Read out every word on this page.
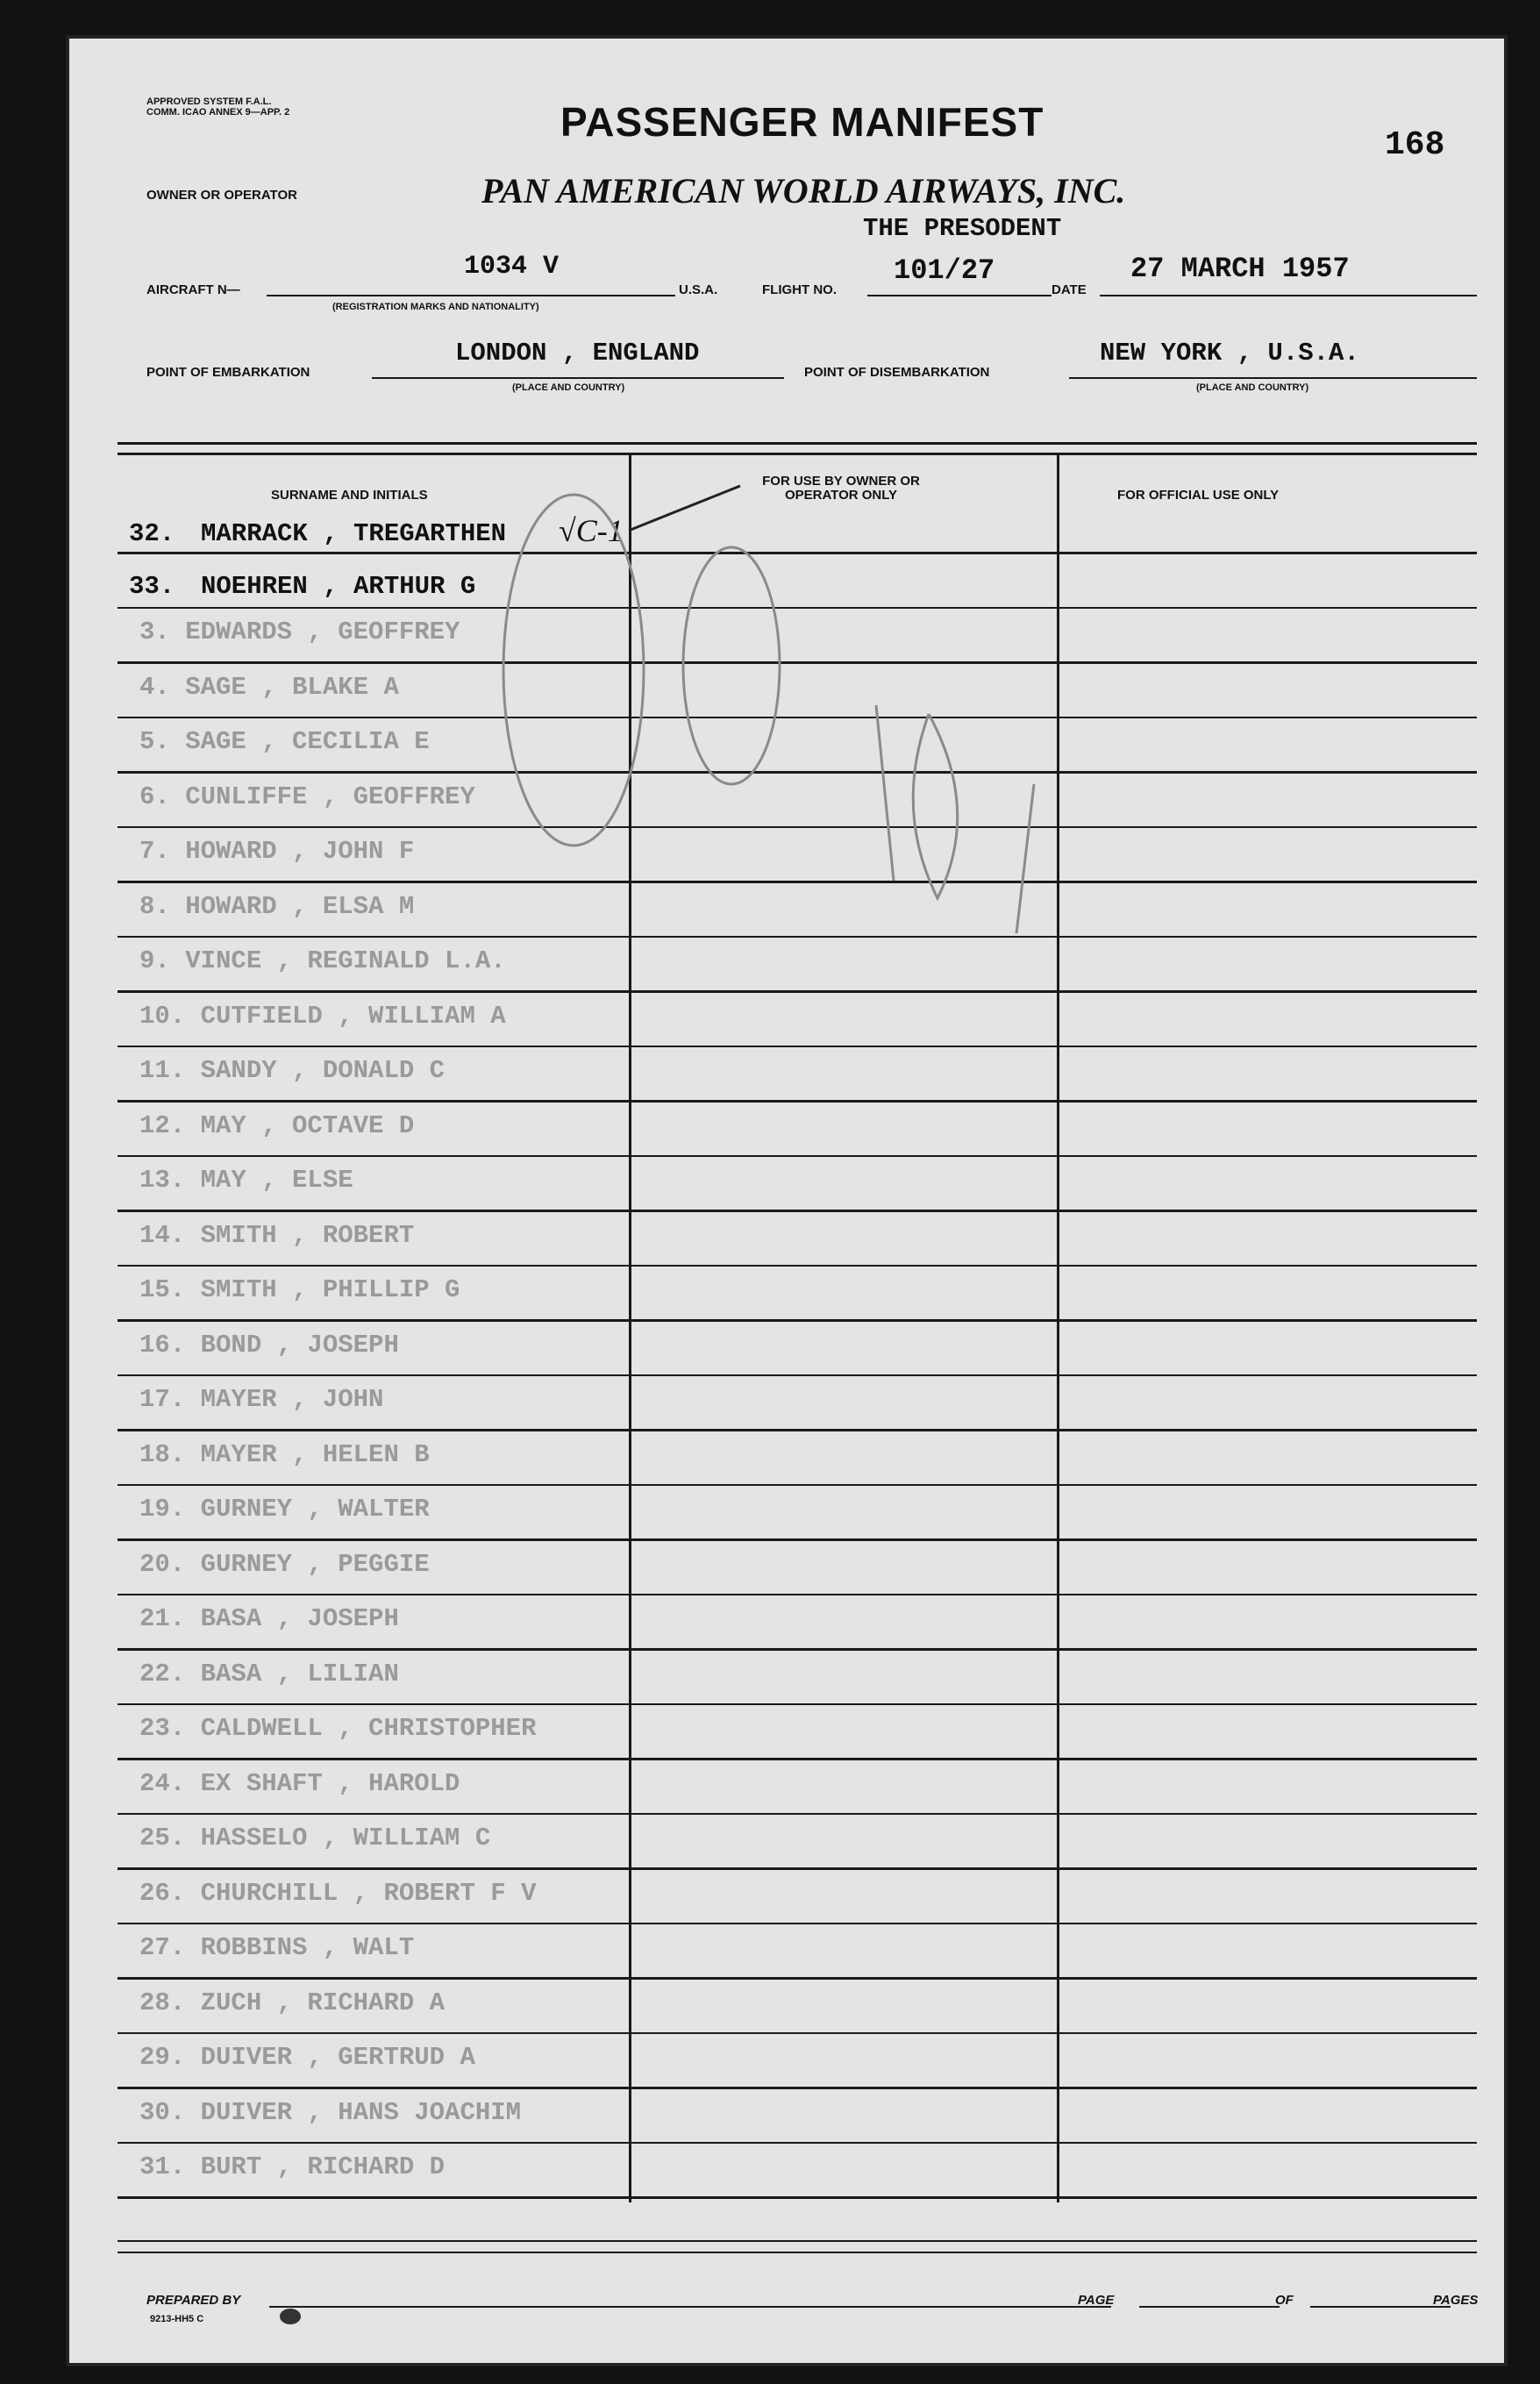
APPROVED SYSTEM F.A.L. COMM. ICAO ANNEX 9—APP. 2	PASSENGER MANIFEST
168
OWNER OR OPERATOR	PAN AMERICAN WORLD AIRWAYS, INC.
THE PRESODENT
AIRCRAFT N—
1034 V
(REGISTRATION MARKS AND NATIONALITY)
U.S.A.	FLIGHT NO.
101/27
DATE
27 MARCH 1957
POINT OF EMBARKATION
LONDON , ENGLAND
(PLACE AND COUNTRY)
POINT OF DISEMBARKATION
NEW YORK , U.S.A.
(PLACE AND COUNTRY)
SURNAME AND INITIALS
FOR USE BY OWNER OR OPERATOR ONLY	FOR OFFICIAL USE ONLY
3. EDWARDS , GEOFFREY
4. SAGE , BLAKE A
5. SAGE , CECILIA E
6. CUNLIFFE , GEOFFREY
7. HOWARD , JOHN F
8. HOWARD , ELSA M
9. VINCE , REGINALD L.A.
10. CUTFIELD , WILLIAM A
11. SANDY , DONALD C
12. MAY , OCTAVE D
13. MAY , ELSE
14. SMITH , ROBERT
15. SMITH , PHILLIP G
16. BOND , JOSEPH
17. MAYER , JOHN
18. MAYER , HELEN B
19. GURNEY , WALTER
20. GURNEY , PEGGIE
21. BASA , JOSEPH
22. BASA , LILIAN
23. CALDWELL , CHRISTOPHER
24. EX SHAFT , HAROLD
25. HASSELO , WILLIAM C
26. CHURCHILL , ROBERT F V
27. ROBBINS , WALT
28. ZUCH , RICHARD A
29. DUIVER , GERTRUD A
30. DUIVER , HANS JOACHIM
31. BURT , RICHARD D
32. MARRACK , TREGARTHEN √C-1
33. NOEHREN , ARTHUR G
PREPARED BY
9213-HH5 C
PAGE	OF	PAGES
